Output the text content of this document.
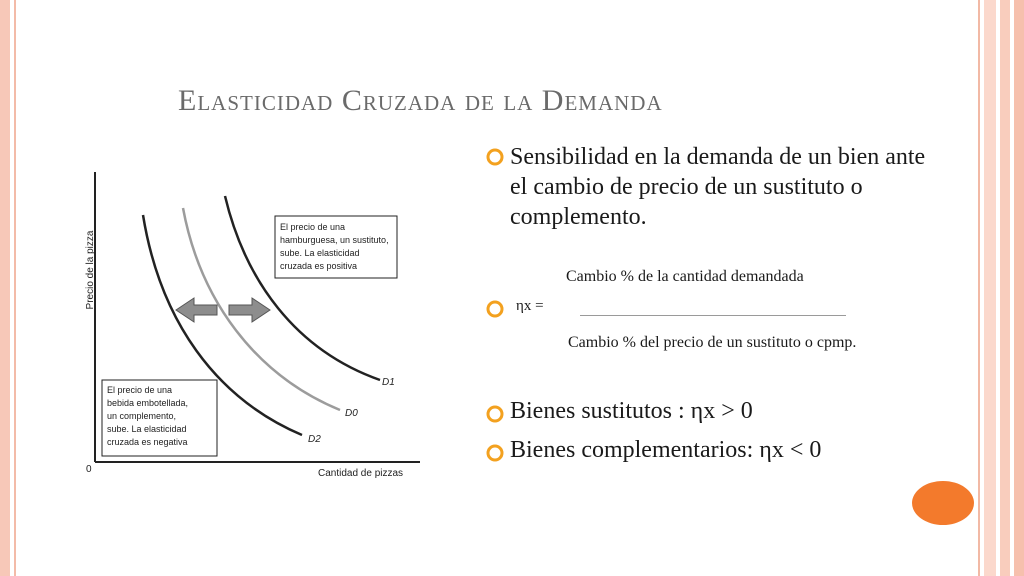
Elasticidad Cruzada de la Demanda
Precio de la pizza
Cantidad de pizzas
0
D1
D0
D2
El precio de una hamburguesa, un sustituto, sube. La elasticidad cruzada es positiva
El precio de una bebida embotellada, un complemento, sube. La elasticidad cruzada es negativa
Sensibilidad en la demanda de un bien ante el cambio de precio de un sustituto o complemento.
Cambio % de la cantidad demandada
ηx =
Cambio % del precio de un sustituto o cpmp.
Bienes sustitutos : ηx > 0
Bienes complementarios: ηx < 0
